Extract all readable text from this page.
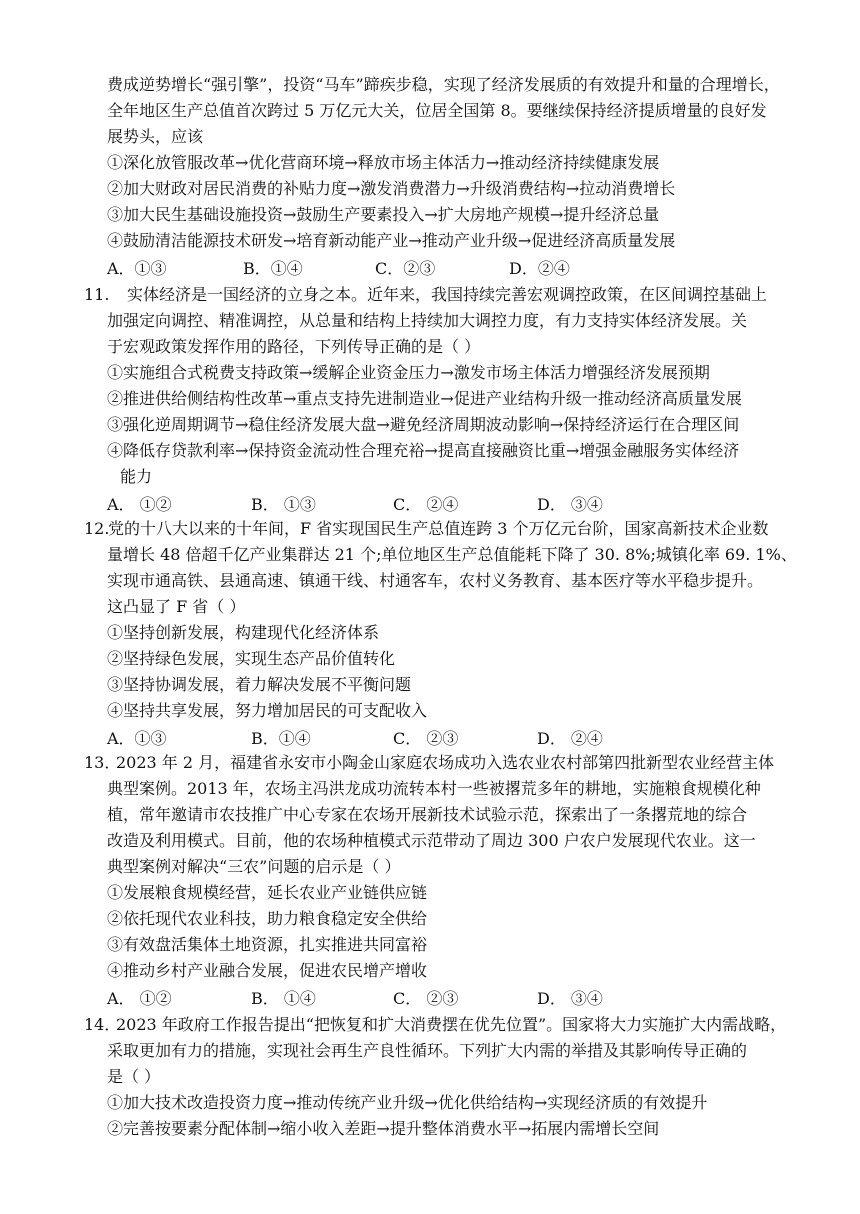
费成逆势增长“强引擎”，投资“马车”蹄疾步稳，实现了经济发展质的有效提升和量的合理增长，
全年地区生产总值首次跨过 5 万亿元大关，位居全国第 8。要继续保持经济提质增量的良好发
展势头，应该
①深化放管服改革→优化营商环境→释放市场主体活力→推动经济持续健康发展
②加大财政对居民消费的补贴力度→激发消费潜力→升级消费结构→拉动消费增长
③加大民生基础设施投资→鼓励生产要素投入→扩大房地产规模→提升经济总量
④鼓励清洁能源技术研发→培育新动能产业→推动产业升级→促进经济高质量发展
A．①③	B．①④	C．②③	D．②④
11. 实体经济是一国经济的立身之本。近年来，我国持续完善宏观调控政策，在区间调控基础上
加强定向调控、精准调控，从总量和结构上持续加大调控力度，有力支持实体经济发展。关
于宏观政策发挥作用的路径，下列传导正确的是（ ）
①实施组合式税费支持政策→缓解企业资金压力→激发市场主体活力增强经济发展预期
②推进供给侧结构性改革→重点支持先进制造业→促进产业结构升级一推动经济高质量发展
③强化逆周期调节→稳住经济发展大盘→避免经济周期波动影响→保持经济运行在合理区间
④降低存贷款利率→保持资金流动性合理充裕→提高直接融资比重→增强金融服务实体经济
能力
A． ①②	B． ①③	C． ②④	D． ③④
12.
党的十八大以来的十年间，F 省实现国民生产总值连跨 3 个万亿元台阶，国家高新技术企业数
量增长 48 倍超千亿产业集群达 21 个;单位地区生产总值能耗下降了 30. 8%;城镇化率 69. 1%、
实现市通高铁、县通高速、镇通干线、村通客车，农村义务教育、基本医疗等水平稳步提升。
这凸显了 F 省（ ）
①坚持创新发展，构建现代化经济体系
②坚持绿色发展，实现生态产品价值转化
③坚持协调发展，着力解决发展不平衡问题
④坚持共享发展，努力增加居民的可支配收入
A．①③	B．①④	C． ②③	D． ②④
13．
2023 年 2 月，福建省永安市小陶金山家庭农场成功入选农业农村部第四批新型农业经营主体
典型案例。2013 年，农场主冯洪龙成功流转本村一些被撂荒多年的耕地，实施粮食规模化种
植，常年邀请市农技推广中心专家在农场开展新技术试验示范，探索出了一条撂荒地的综合
改造及利用模式。目前，他的农场种植模式示范带动了周边 300 户农户发展现代农业。这一
典型案例对解决“三农”问题的启示是（ ）
①发展粮食规模经营，延长农业产业链供应链
②依托现代农业科技，助力粮食稳定安全供给
③有效盘活集体土地资源，扎实推进共同富裕
④推动乡村产业融合发展，促进农民增产增收
A． ①②	B． ①④	C． ②③	D． ③④
14．
2023 年政府工作报告提出“把恢复和扩大消费摆在优先位置”。国家将大力实施扩大内需战略，
采取更加有力的措施，实现社会再生产良性循环。下列扩大内需的举措及其影响传导正确的
是（ ）
①加大技术改造投资力度→推动传统产业升级→优化供给结构→实现经济质的有效提升
②完善按要素分配体制→缩小收入差距→提升整体消费水平→拓展内需增长空间
